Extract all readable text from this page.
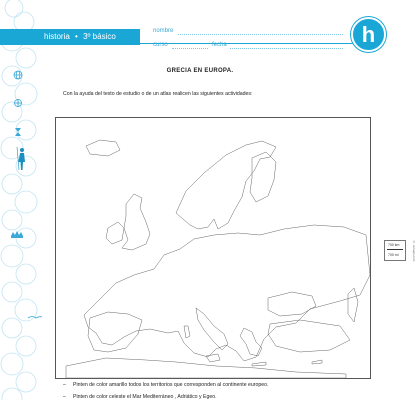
historia • 3º básico
nombre
curso	fecha	h
GRECIA EN EUROPA.
Con la ayuda del texto de estudio o de un atlas realicen las siguientes actividades:
700 km
700 mi	© d-maps.com
– Pinten de color amarillo todos los territorios que corresponden al continente europeo.
– Pinten de color celeste el Mar Mediterráneo , Adriático y Egeo.
